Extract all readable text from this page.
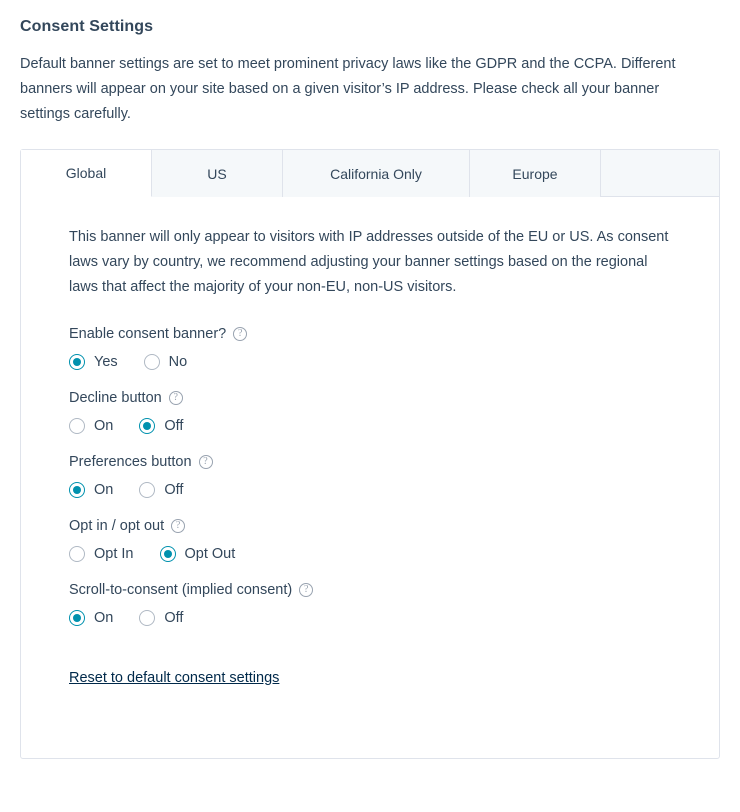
Consent Settings

Default banner settings are set to meet prominent privacy laws like the GDPR and the CCPA. Different banners will appear on your site based on a given visitor’s IP address. Please check all your banner settings carefully.

Global	US	California Only	Europe

This banner will only appear to visitors with IP addresses outside of the EU or US. As consent laws vary by country, we recommend adjusting your banner settings based on the regional laws that affect the majority of your non-EU, non-US visitors.

Enable consent banner?	?
Yes	No
Decline button	?
On	Off
Preferences button	?
On	Off
Opt in / opt out	?
Opt In	Opt Out
Scroll-to-consent (implied consent)	?
On	Off
Reset to default consent settings
